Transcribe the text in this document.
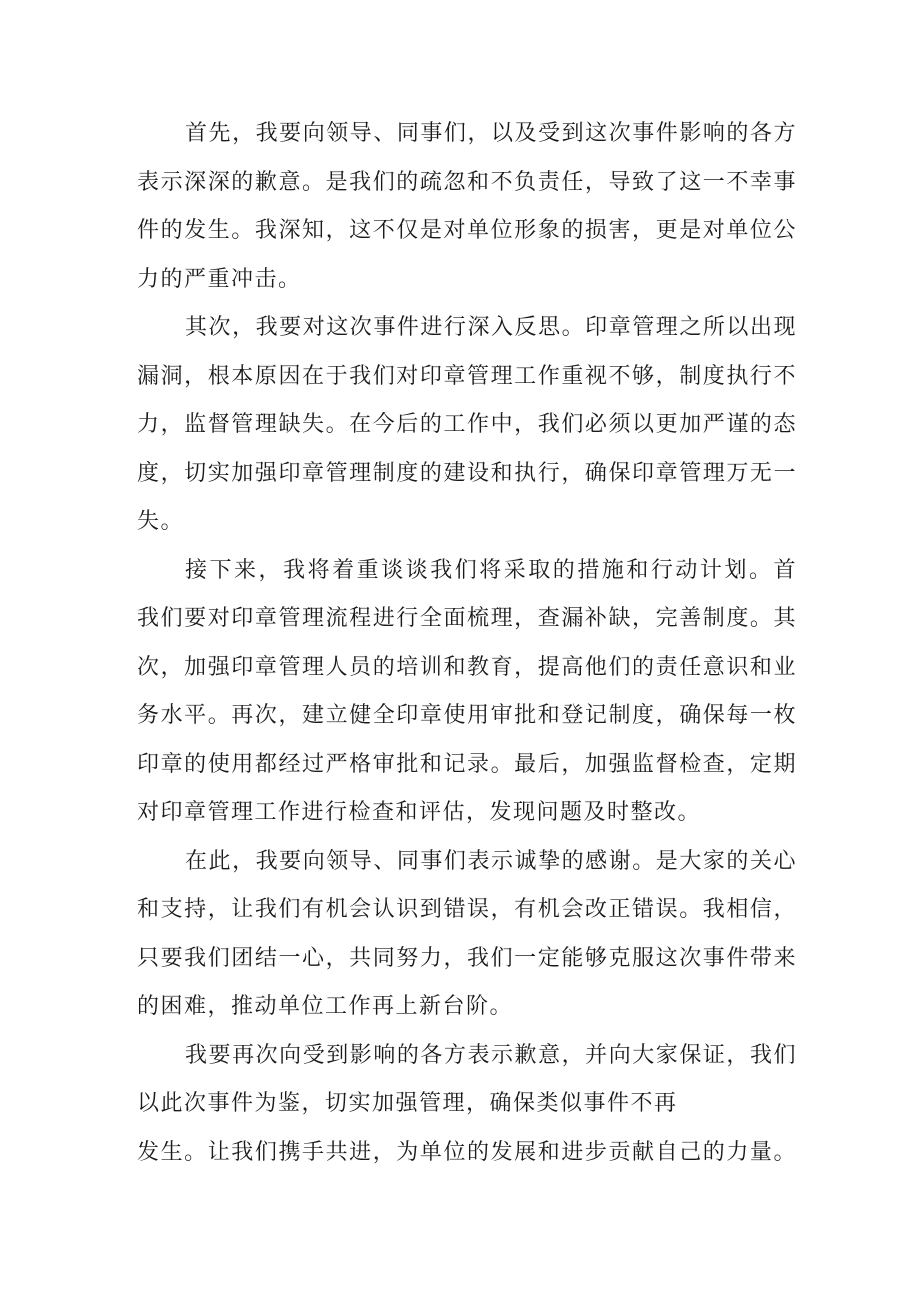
首先，我要向领导、同事们，以及受到这次事件影响的各方
表示深深的歉意。是我们的疏忽和不负责任，导致了这一不幸事
件的发生。我深知，这不仅是对单位形象的损害，更是对单位公
力的严重冲击。
其次，我要对这次事件进行深入反思。印章管理之所以出现
漏洞，根本原因在于我们对印章管理工作重视不够，制度执行不
力，监督管理缺失。在今后的工作中，我们必须以更加严谨的态
度，切实加强印章管理制度的建设和执行，确保印章管理万无一
失。
接下来，我将着重谈谈我们将采取的措施和行动计划。首
我们要对印章管理流程进行全面梳理，查漏补缺，完善制度。其
次，加强印章管理人员的培训和教育，提高他们的责任意识和业
务水平。再次，建立健全印章使用审批和登记制度，确保每一枚
印章的使用都经过严格审批和记录。最后，加强监督检查，定期
对印章管理工作进行检查和评估，发现问题及时整改。
在此，我要向领导、同事们表示诚挚的感谢。是大家的关心
和支持，让我们有机会认识到错误，有机会改正错误。我相信，
只要我们团结一心，共同努力，我们一定能够克服这次事件带来
的困难，推动单位工作再上新台阶。
我要再次向受到影响的各方表示歉意，并向大家保证，我们
以此次事件为鉴，切实加强管理，确保类似事件不再
发生。让我们携手共进，为单位的发展和进步贡献自己的力量。
